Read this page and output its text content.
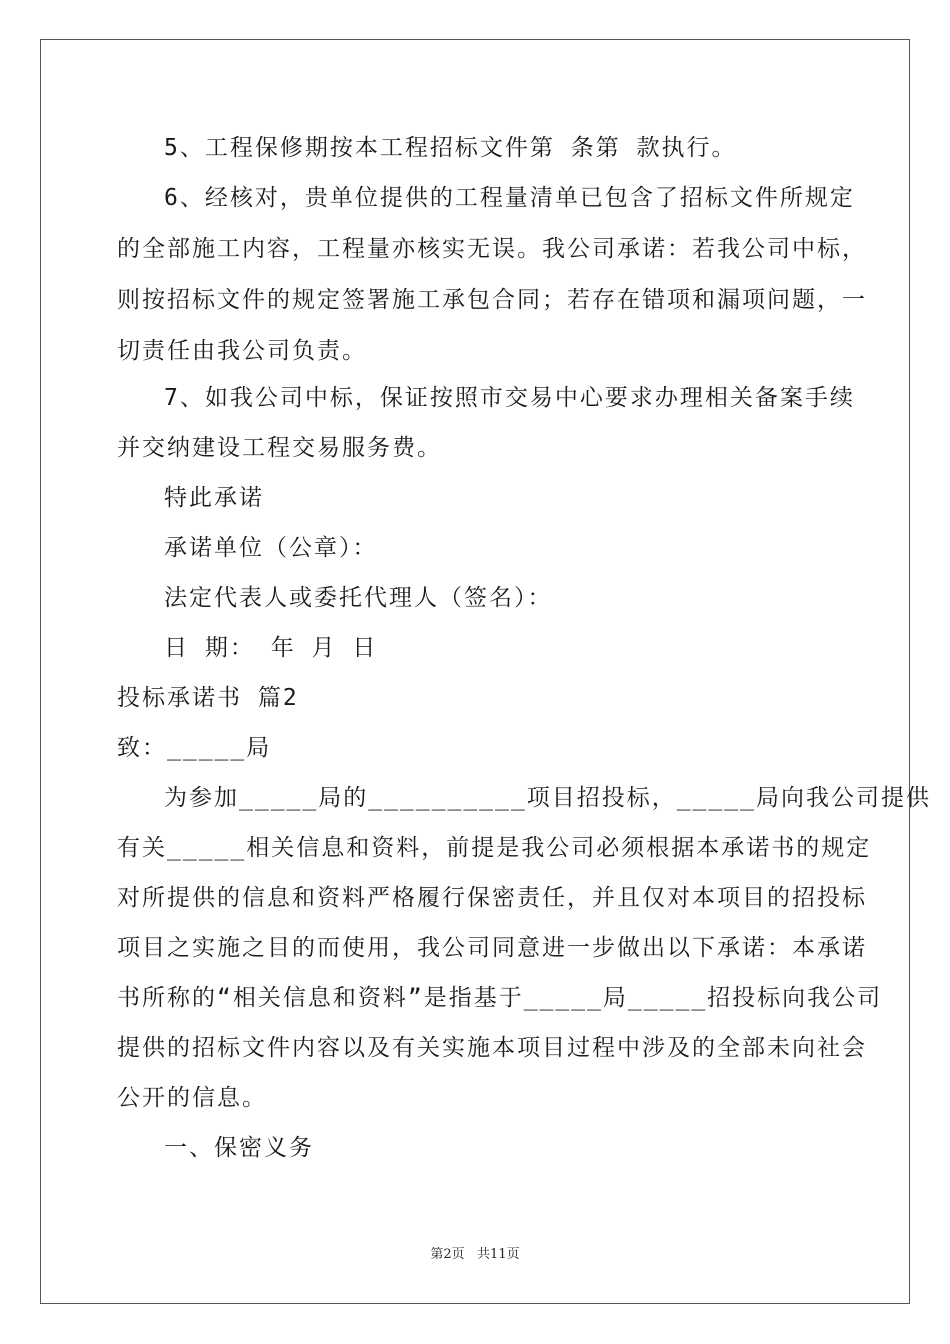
5、工程保修期按本工程招标文件第 条第 款执行。
6、经核对，贵单位提供的工程量清单已包含了招标文件所规定
的全部施工内容，工程量亦核实无误。我公司承诺：若我公司中标，
则按招标文件的规定签署施工承包合同；若存在错项和漏项问题，一
切责任由我公司负责。
7、如我公司中标，保证按照市交易中心要求办理相关备案手续
并交纳建设工程交易服务费。
特此承诺
承诺单位（公章）：
法定代表人或委托代理人（签名）：
日 期： 年 月 日
投标承诺书 篇2
致：_____局
为参加_____局的__________项目招投标，_____局向我公司提供
有关_____相关信息和资料，前提是我公司必须根据本承诺书的规定
对所提供的信息和资料严格履行保密责任，并且仅对本项目的招投标
项目之实施之目的而使用，我公司同意进一步做出以下承诺：本承诺
书所称的“相关信息和资料”是指基于_____局_____招投标向我公司
提供的招标文件内容以及有关实施本项目过程中涉及的全部未向社会
公开的信息。
一、保密义务
第2页   共11页
